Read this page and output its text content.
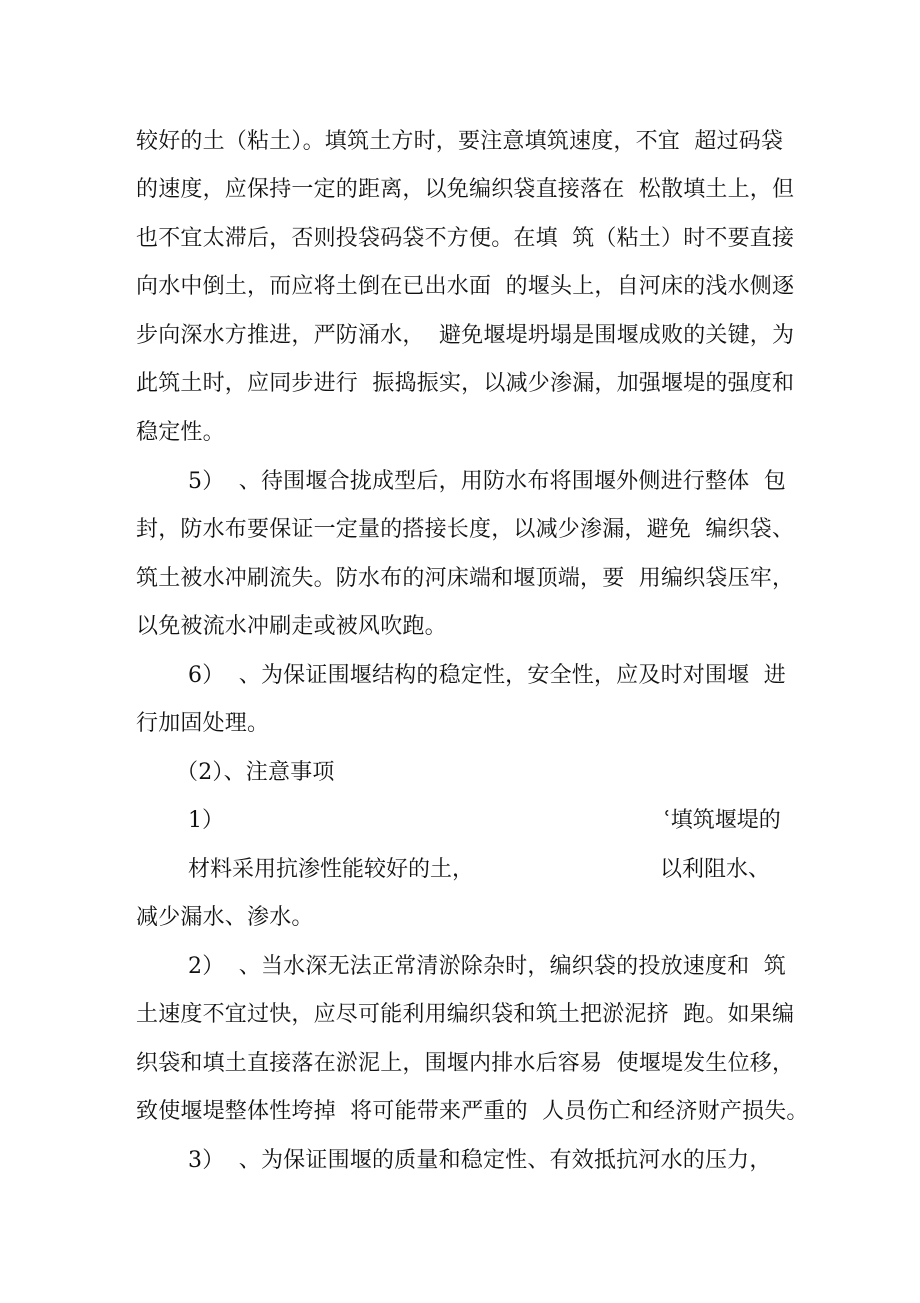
较好的土（粘土）。填筑土方时，要注意填筑速度，不宜  超过码袋
的速度，应保持一定的距离，以免编织袋直接落在  松散填土上，但
也不宜太滞后，否则投袋码袋不方便。在填  筑（粘土）时不要直接
向水中倒土，而应将土倒在已出水面  的堰头上，自河床的浅水侧逐
步向深水方推进，严防涌水，  避免堰堤坍塌是围堰成败的关键，为
此筑土时，应同步进行  振捣振实，以减少渗漏，加强堰堤的强度和
稳定性。
5）  、待围堰合拢成型后，用防水布将围堰外侧进行整体  包
封，防水布要保证一定量的搭接长度，以减少渗漏，避免  编织袋、
筑土被水冲刷流失。防水布的河床端和堰顶端，要  用编织袋压牢，
以免被流水冲刷走或被风吹跑。
6）  、为保证围堰结构的稳定性，安全性，应及时对围堰  进
行加固处理。
（2）、注意事项
1）	ʿ填筑堰堤的
材料采用抗渗性能较好的土，	以利阻水、
减少漏水、渗水。
2）  、当水深无法正常清淤除杂时，编织袋的投放速度和  筑
土速度不宜过快，应尽可能利用编织袋和筑土把淤泥挤  跑。如果编
织袋和填土直接落在淤泥上，围堰内排水后容易  使堰堤发生位移，
致使堰堤整体性垮掉  将可能带来严重的  人员伤亡和经济财产损失。
3）  、为保证围堰的质量和稳定性、有效抵抗河水的压力，
